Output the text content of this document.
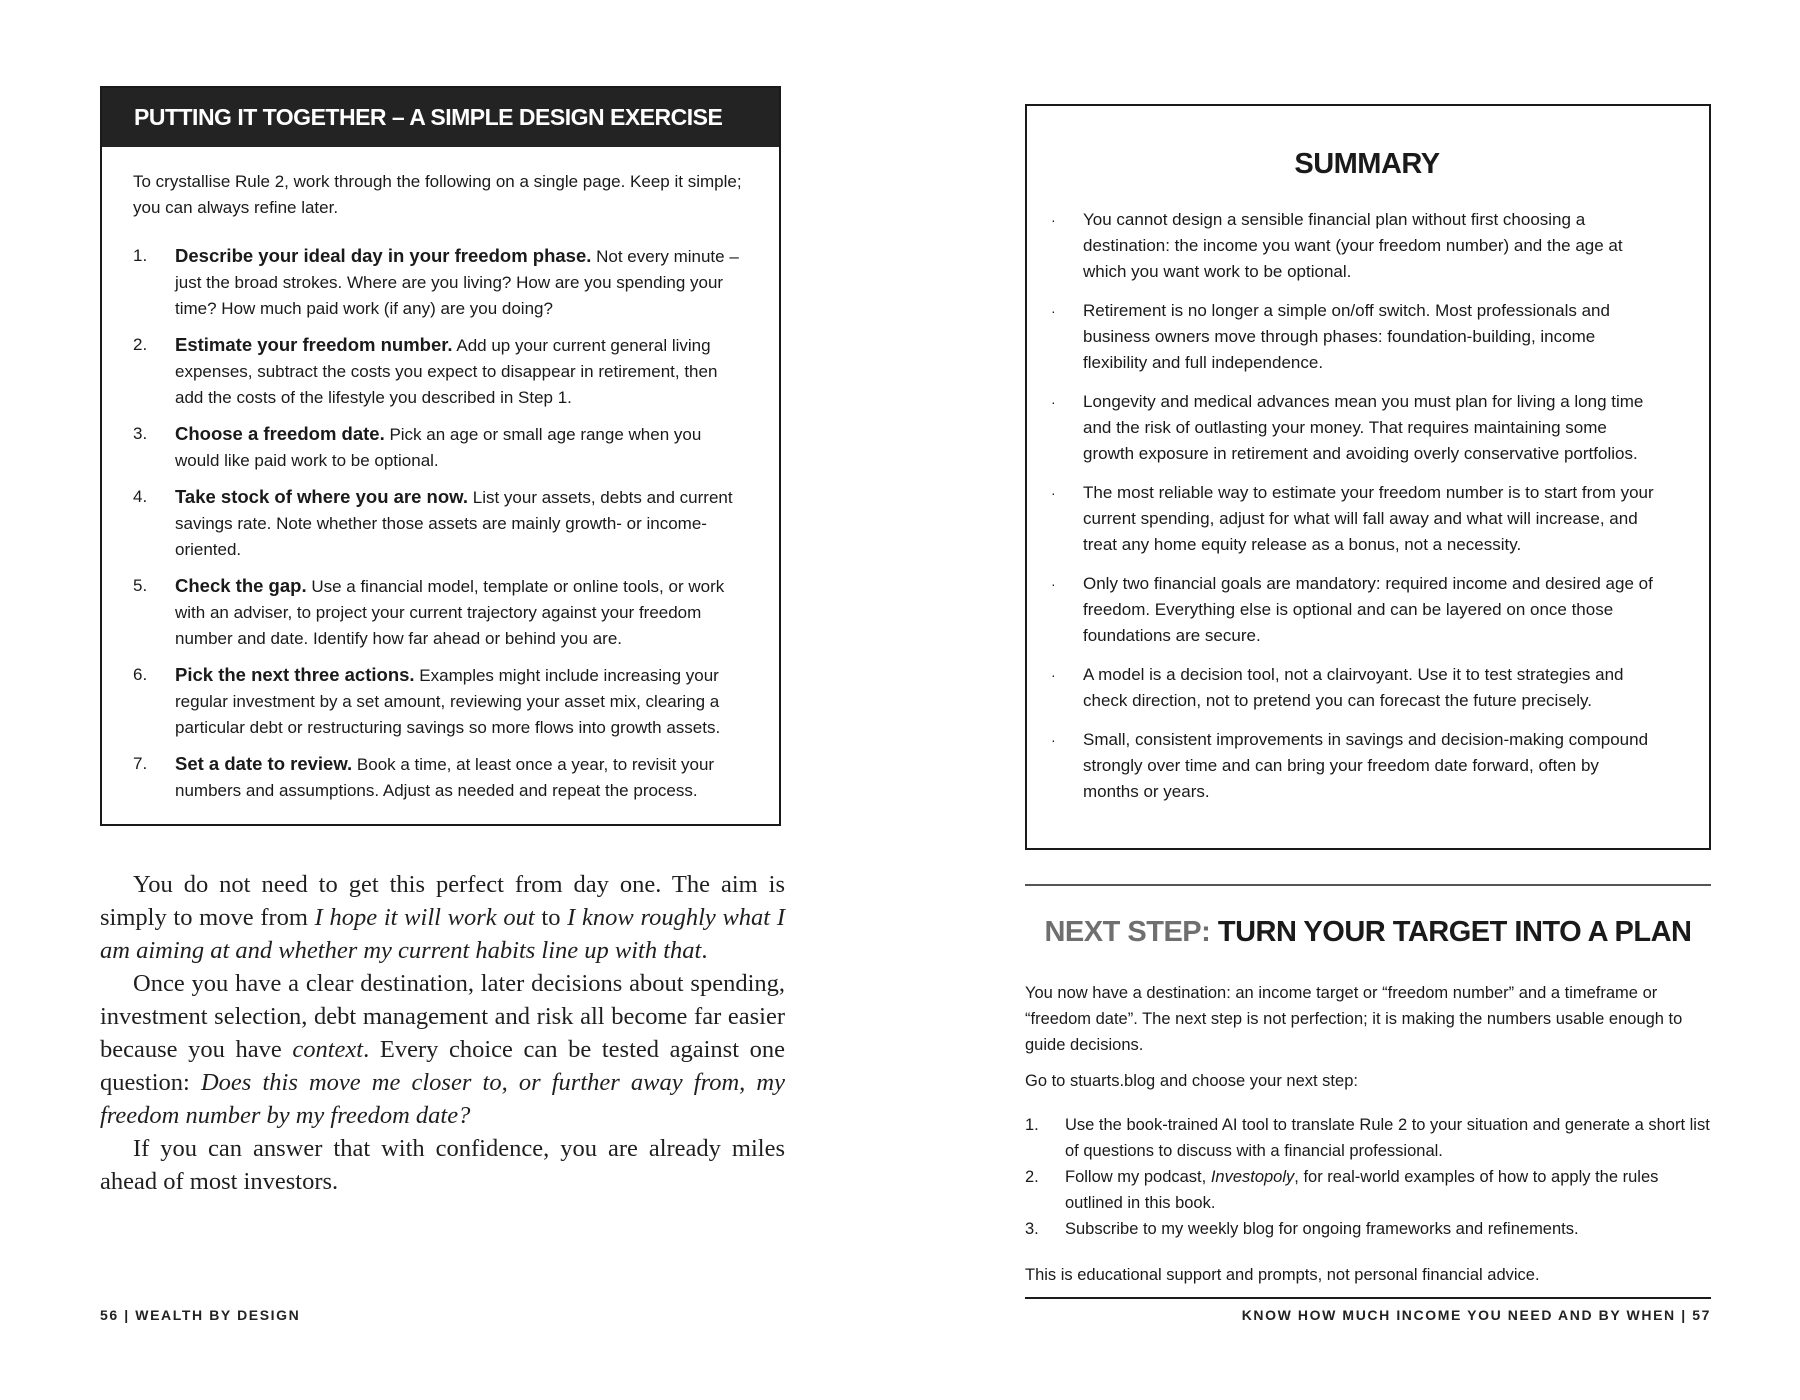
PUTTING IT TOGETHER – A SIMPLE DESIGN EXERCISE

To crystallise Rule 2, work through the following on a single page. Keep it simple; you can always refine later.

1.	Describe your ideal day in your freedom phase. Not every minute – just the broad strokes. Where are you living? How are you spending your time? How much paid work (if any) are you doing?
2.	Estimate your freedom number. Add up your current general living expenses, subtract the costs you expect to disappear in retirement, then add the costs of the lifestyle you described in Step 1.
3.	Choose a freedom date. Pick an age or small age range when you would like paid work to be optional.
4.	Take stock of where you are now. List your assets, debts and current savings rate. Note whether those assets are mainly growth- or income-oriented.
5.	Check the gap. Use a financial model, template or online tools, or work with an adviser, to project your current trajectory against your freedom number and date. Identify how far ahead or behind you are.
6.	Pick the next three actions. Examples might include increasing your regular investment by a set amount, reviewing your asset mix, clearing a particular debt or restructuring savings so more flows into growth assets.
7.	Set a date to review. Book a time, at least once a year, to revisit your numbers and assumptions. Adjust as needed and repeat the process.

You do not need to get this perfect from day one. The aim is simply to move from I hope it will work out to I know roughly what I am aiming at and whether my current habits line up with that.

Once you have a clear destination, later decisions about spending, investment selection, debt management and risk all become far easier because you have context. Every choice can be tested against one question: Does this move me closer to, or further away from, my freedom number by my freedom date?

If you can answer that with confidence, you are already miles ahead of most investors.

56 | WEALTH BY DESIGN
SUMMARY
·	You cannot design a sensible financial plan without first choosing a destination: the income you want (your freedom number) and the age at which you want work to be optional.
·	Retirement is no longer a simple on/off switch. Most professionals and business owners move through phases: foundation-building, income flexibility and full independence.
·	Longevity and medical advances mean you must plan for living a long time and the risk of outlasting your money. That requires maintaining some growth exposure in retirement and avoiding overly conservative portfolios.
·	The most reliable way to estimate your freedom number is to start from your current spending, adjust for what will fall away and what will increase, and treat any home equity release as a bonus, not a necessity.
·	Only two financial goals are mandatory: required income and desired age of freedom. Everything else is optional and can be layered on once those foundations are secure.
·	A model is a decision tool, not a clairvoyant. Use it to test strategies and check direction, not to pretend you can forecast the future precisely.
·	Small, consistent improvements in savings and decision-making compound strongly over time and can bring your freedom date forward, often by months or years.
NEXT STEP: TURN YOUR TARGET INTO A PLAN

You now have a destination: an income target or “freedom number” and a timeframe or “freedom date”. The next step is not perfection; it is making the numbers usable enough to guide decisions.

Go to stuarts.blog and choose your next step:

1.	Use the book-trained AI tool to translate Rule 2 to your situation and generate a short list of questions to discuss with a financial professional.
2.	Follow my podcast, Investopoly, for real-world examples of how to apply the rules outlined in this book.
3.	Subscribe to my weekly blog for ongoing frameworks and refinements.

This is educational support and prompts, not personal financial advice.

KNOW HOW MUCH INCOME YOU NEED AND BY WHEN | 57
